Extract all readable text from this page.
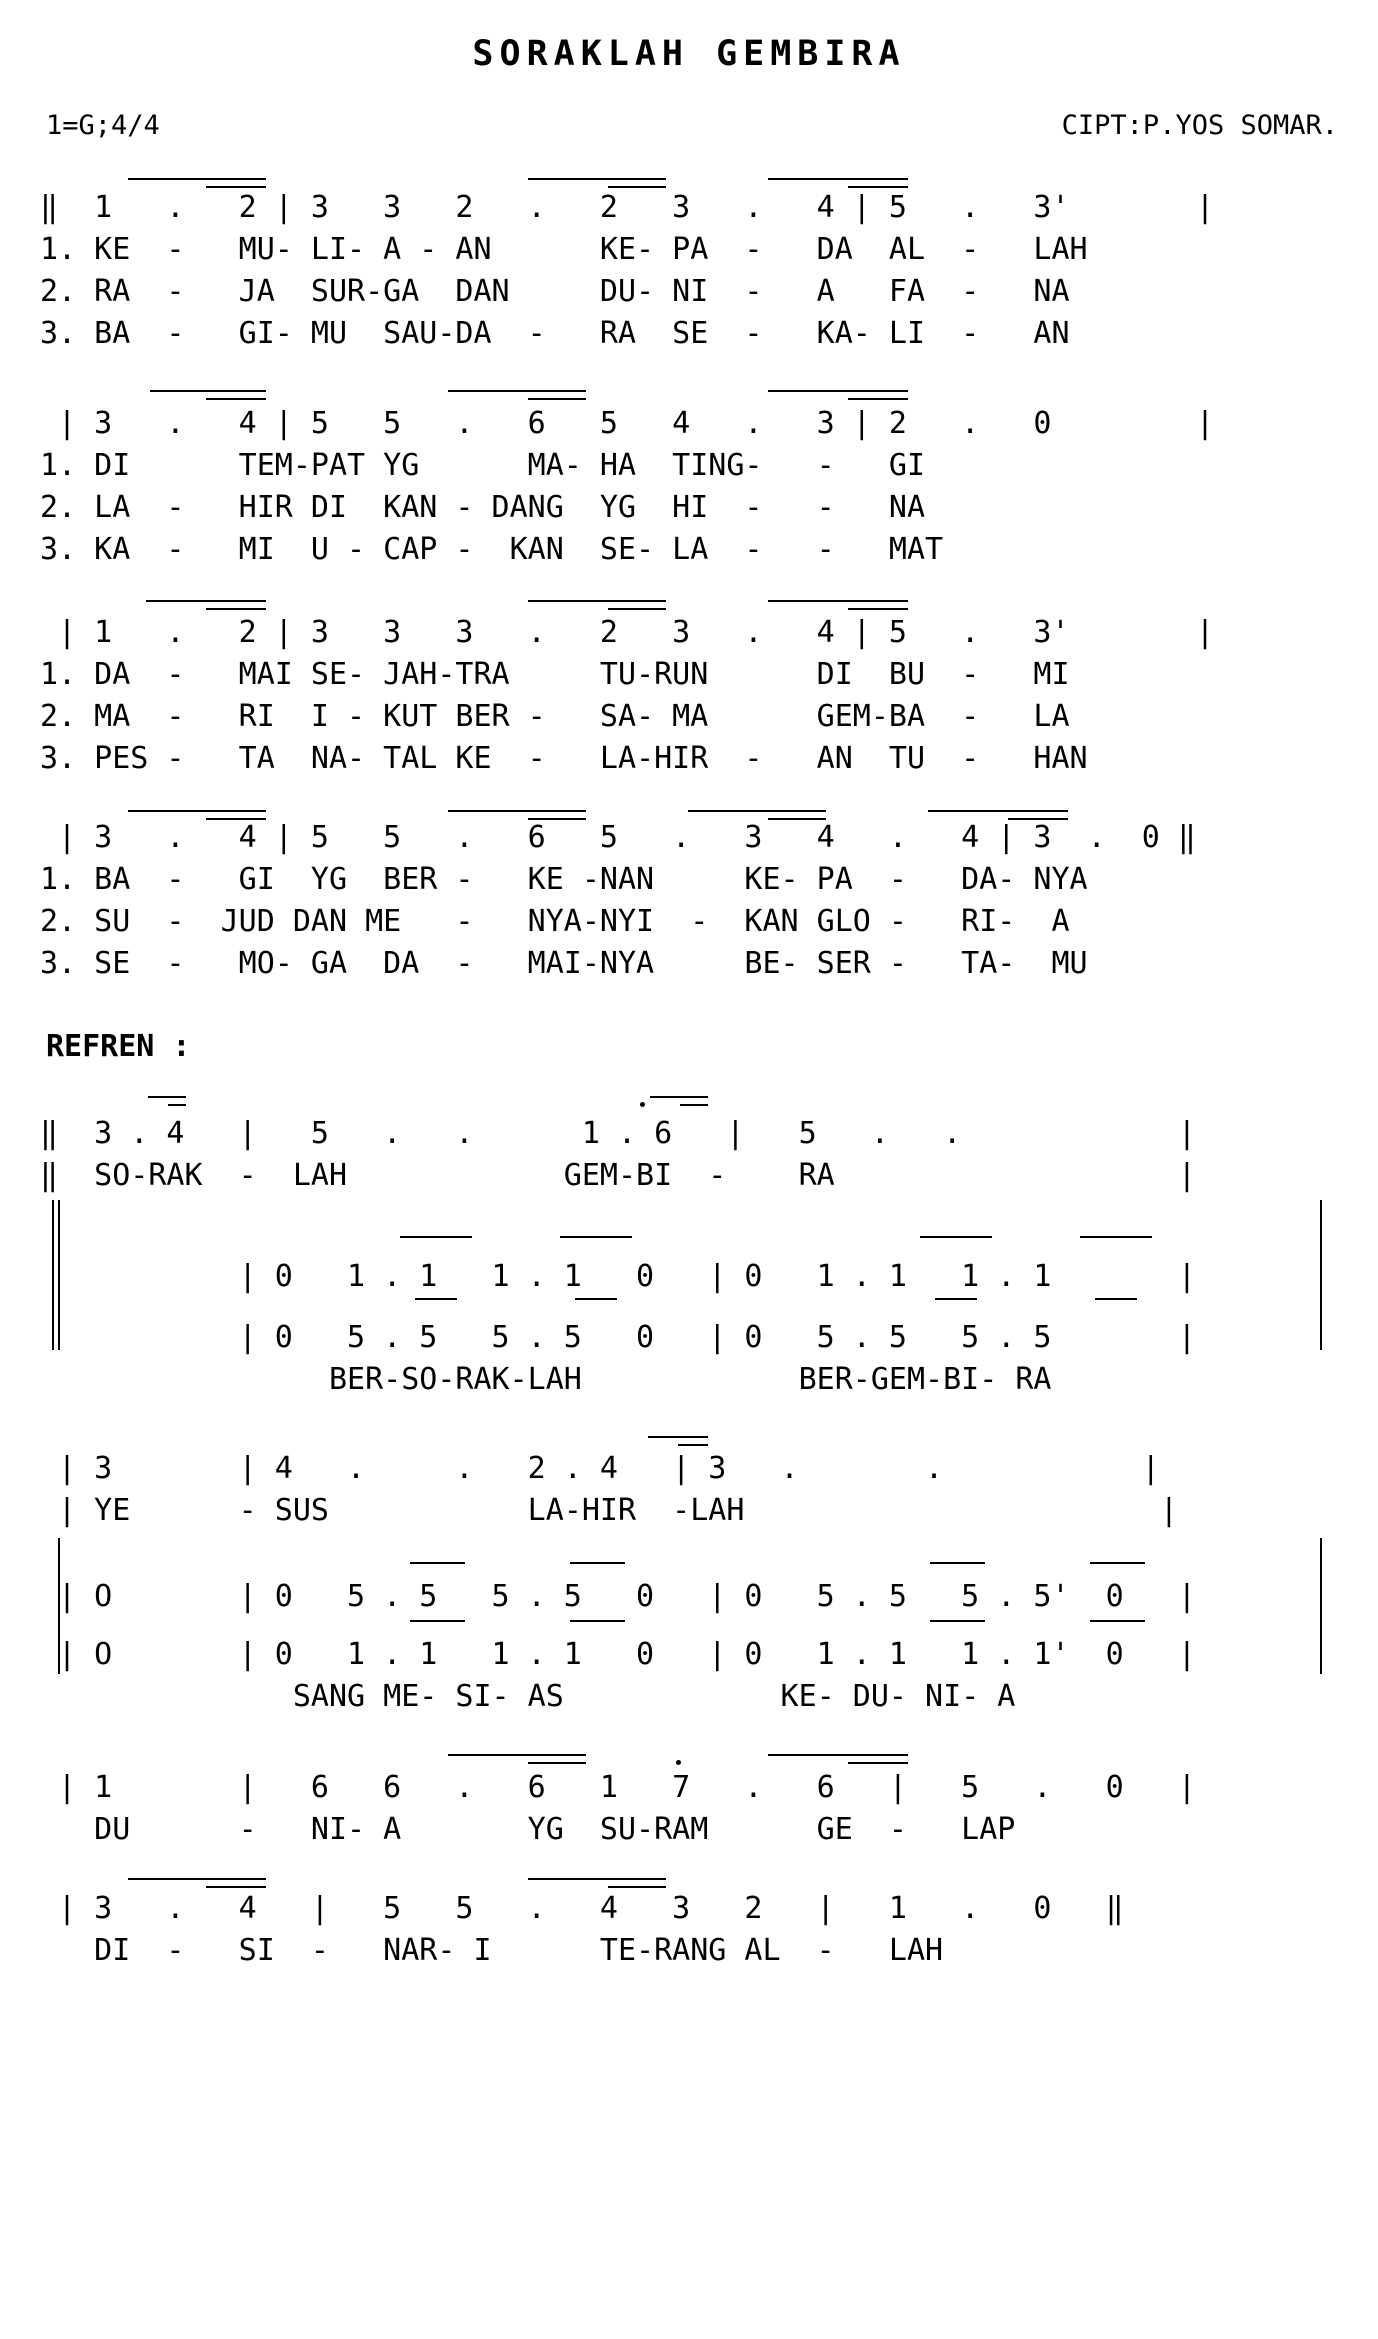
SORAKLAH GEMBIRA
1=G;4/4	CIPT:P.YOS SOMAR.
‖  1   .   2 | 3   3   2   .   2   3   .   4 | 5   .   3'       |
1. KE  -   MU- LI- A - AN      KE- PA  -   DA  AL  -   LAH
2. RA  -   JA  SUR-GA  DAN     DU- NI  -   A   FA  -   NA
3. BA  -   GI- MU  SAU-DA  -   RA  SE  -   KA- LI  -   AN
| 3   .   4 | 5   5   .   6   5   4   .   3 | 2   .   0        |
1. DI      TEM-PAT YG      MA- HA  TING-   -   GI
2. LA  -   HIR DI  KAN - DANG  YG  HI  -   -   NA
3. KA  -   MI  U - CAP -  KAN  SE- LA  -   -   MAT
| 1   .   2 | 3   3   3   .   2   3   .   4 | 5   .   3'       |
1. DA  -   MAI SE- JAH-TRA     TU-RUN      DI  BU  -   MI
2. MA  -   RI  I - KUT BER -   SA- MA      GEM-BA  -   LA
3. PES -   TA  NA- TAL KE  -   LA-HIR  -   AN  TU  -   HAN
| 3   .   4 | 5   5   .   6   5   .   3   4   .   4 | 3  .  0 ‖
1. BA  -   GI  YG  BER -   KE -NAN     KE- PA  -   DA- NYA
2. SU  -  JUD DAN ME   -   NYA-NYI  -  KAN GLO -   RI-  A
3. SE  -   MO- GA  DA  -   MAI-NYA     BE- SER -   TA-  MU
REFREN :
‖  3 . 4   |   5   .   .      1 . 6   |   5   .   .            |
‖  SO-RAK  -  LAH            GEM-BI  -    RA                   |
| 0   1 . 1   1 . 1   0   | 0   1 . 1   1 . 1       |
| 0   5 . 5   5 . 5   0   | 0   5 . 5   5 . 5       |
BER-SO-RAK-LAH            BER-GEM-BI- RA
| 3       | 4   .     .   2 . 4   | 3   .       .           |
| YE      - SUS           LA-HIR  -LAH                       |
| O       | 0   5 . 5   5 . 5   0   | 0   5 . 5   5 . 5'  0   |
| O       | 0   1 . 1   1 . 1   0   | 0   1 . 1   1 . 1'  0   |
SANG ME- SI- AS            KE- DU- NI- A
| 1       |   6   6   .   6   1   7   .   6   |   5   .   0   |
DU      -   NI- A       YG  SU-RAM      GE  -   LAP
| 3   .   4   |   5   5   .   4   3   2   |   1   .   0   ‖
DI  -   SI  -   NAR- I      TE-RANG AL  -   LAH
